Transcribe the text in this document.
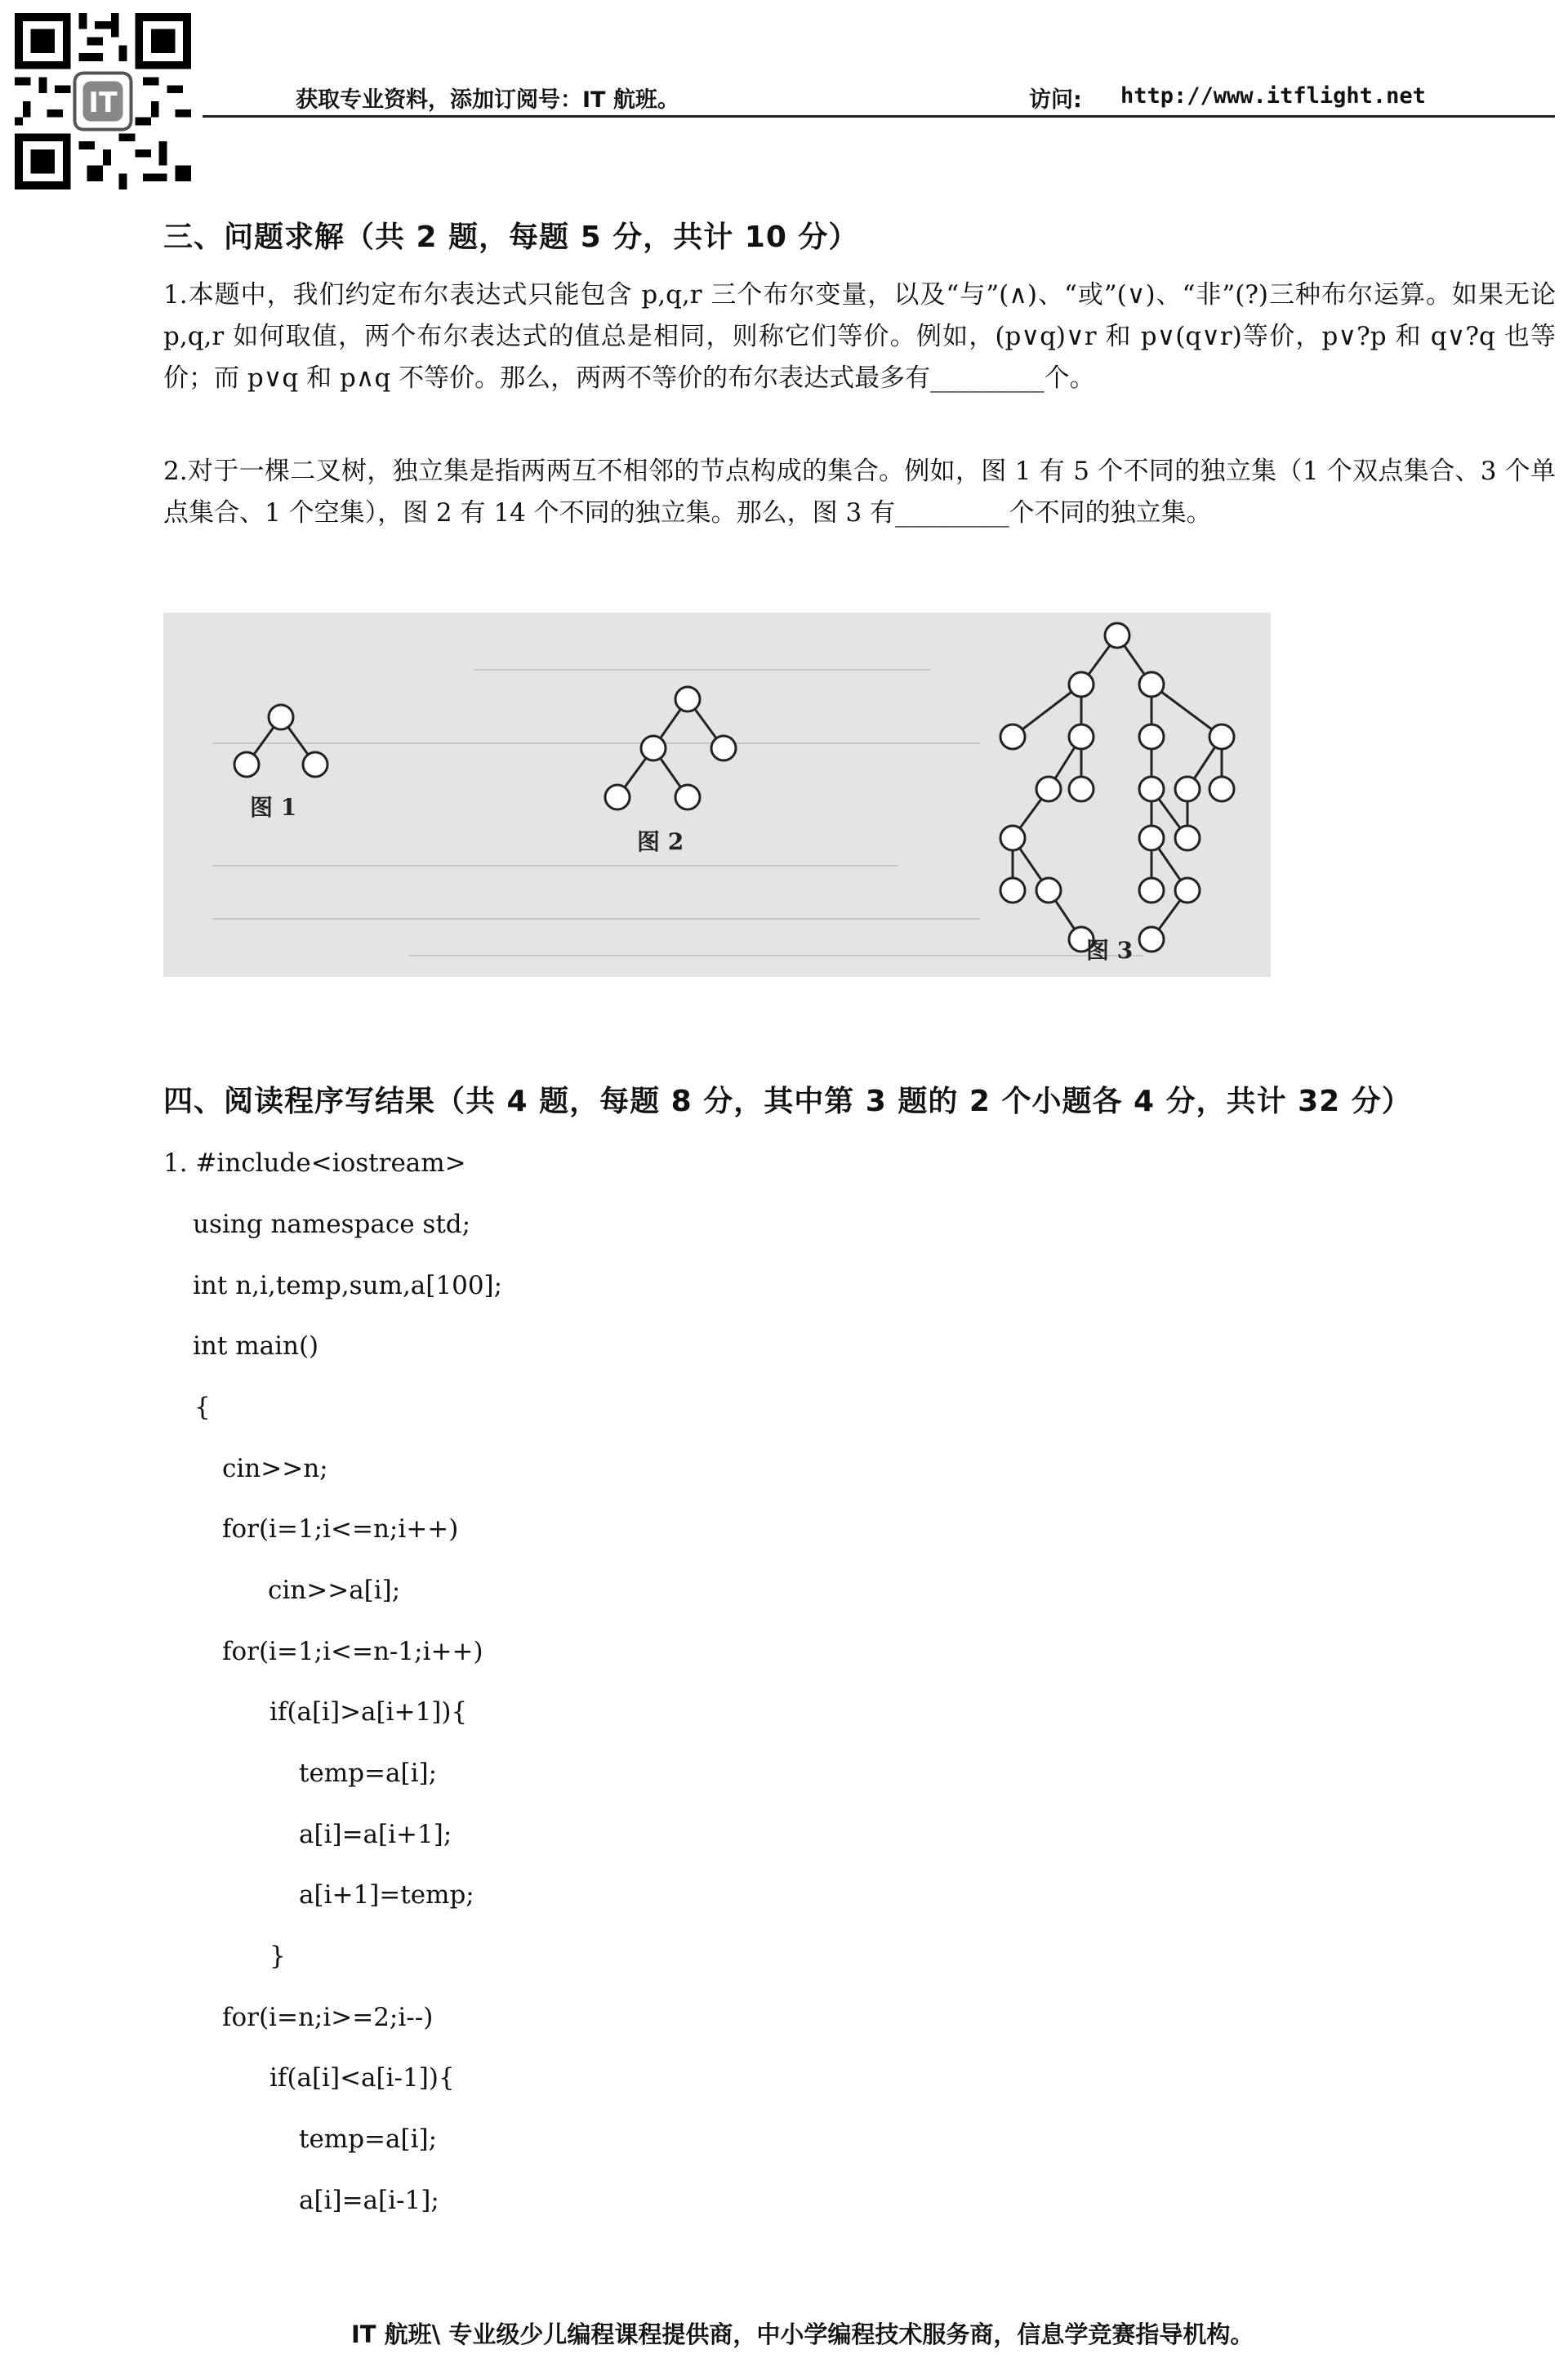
IT	获取专业资料，添加订阅号：IT 航班。	访问: http://www.itflight.net
三、问题求解（共 2 题，每题 5 分，共计 10 分）
1.本题中，我们约定布尔表达式只能包含 p,q,r 三个布尔变量，以及“与”(∧)、“或”(∨)、“非”(?)三种布尔运算。如果无论 p,q,r 如何取值，两个布尔表达式的值总是相同，则称它们等价。例如，(p∨q)∨r 和 p∨(q∨r)等价，p∨?p 和 q∨?q 也等价；而 p∨q 和 p∧q 不等价。那么，两两不等价的布尔表达式最多有_________个。
2.对于一棵二叉树，独立集是指两两互不相邻的节点构成的集合。例如，图 1 有 5 个不同的独立集（1 个双点集合、3 个单点集合、1 个空集），图 2 有 14 个不同的独立集。那么，图 3 有_________个不同的独立集。
图 1
图 2
图 3
四、阅读程序写结果（共 4 题，每题 8 分，其中第 3 题的 2 个小题各 4 分，共计 32 分）
1. #include<iostream>
using namespace std;
int n,i,temp,sum,a[100];
int main()
{
cin>>n;
for(i=1;i<=n;i++)
cin>>a[i];
for(i=1;i<=n-1;i++)
if(a[i]>a[i+1]){
temp=a[i];
a[i]=a[i+1];
a[i+1]=temp;
}
for(i=n;i>=2;i--)
if(a[i]<a[i-1]){
temp=a[i];
a[i]=a[i-1];
IT 航班\ 专业级少儿编程课程提供商，中小学编程技术服务商，信息学竞赛指导机构。
